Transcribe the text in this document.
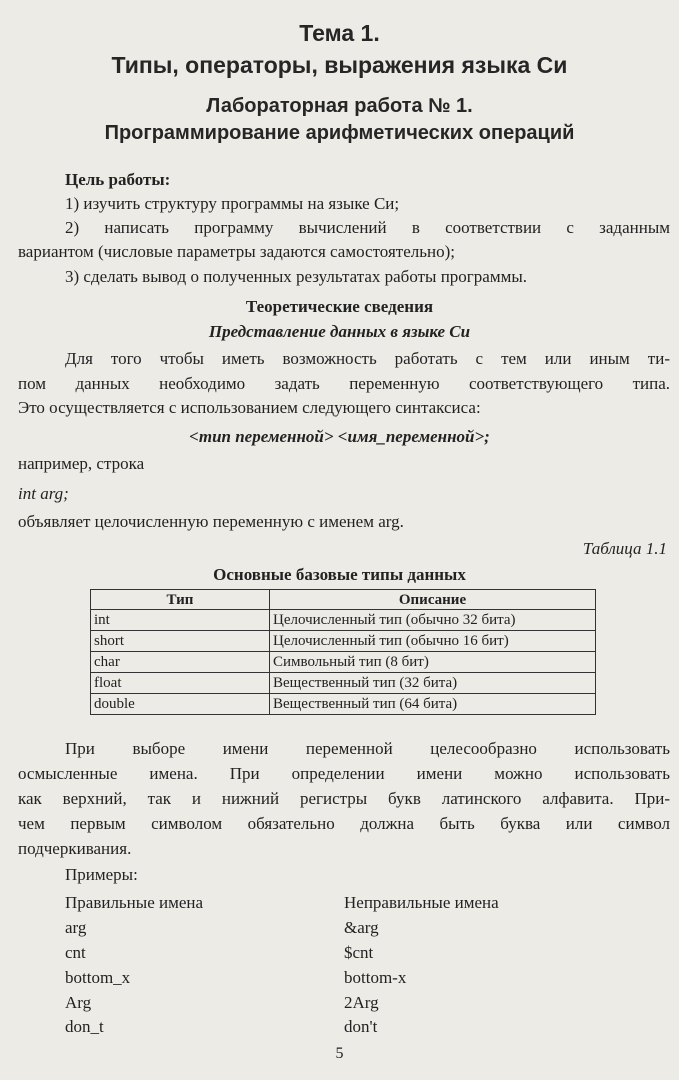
Тема 1.
Типы, операторы, выражения языка Си
Лабораторная работа № 1.
Программирование арифметических операций
Цель работы:
1) изучить структуру программы на языке Си;
2) написать программу вычислений в соответствии с заданным
вариантом (числовые параметры задаются самостоятельно);
3) сделать вывод о полученных результатах работы программы.
Теоретические сведения
Представление данных в языке Си
Для того чтобы иметь возможность работать с тем или иным ти-
пом данных необходимо задать переменную соответствующего типа.
Это осуществляется с использованием следующего синтаксиса:
<тип переменной> <имя_переменной>;
например, строка
int arg;
объявляет целочисленную переменную с именем arg.
Таблица 1.1
Основные базовые типы данных
Тип	Описание
int	Целочисленный тип (обычно 32 бита)
short	Целочисленный тип (обычно 16 бит)
char	Символьный тип (8 бит)
float	Вещественный тип (32 бита)
double	Вещественный тип (64 бита)
При выборе имени переменной целесообразно использовать
осмысленные имена. При определении имени можно использовать
как верхний, так и нижний регистры букв латинского алфавита. При-
чем первым символом обязательно должна быть буква или символ
подчеркивания.
Примеры:
Правильные имена	Неправильные имена
arg	&arg
cnt	$cnt
bottom_x	bottom-x
Arg	2Arg
don_t	don't
5
